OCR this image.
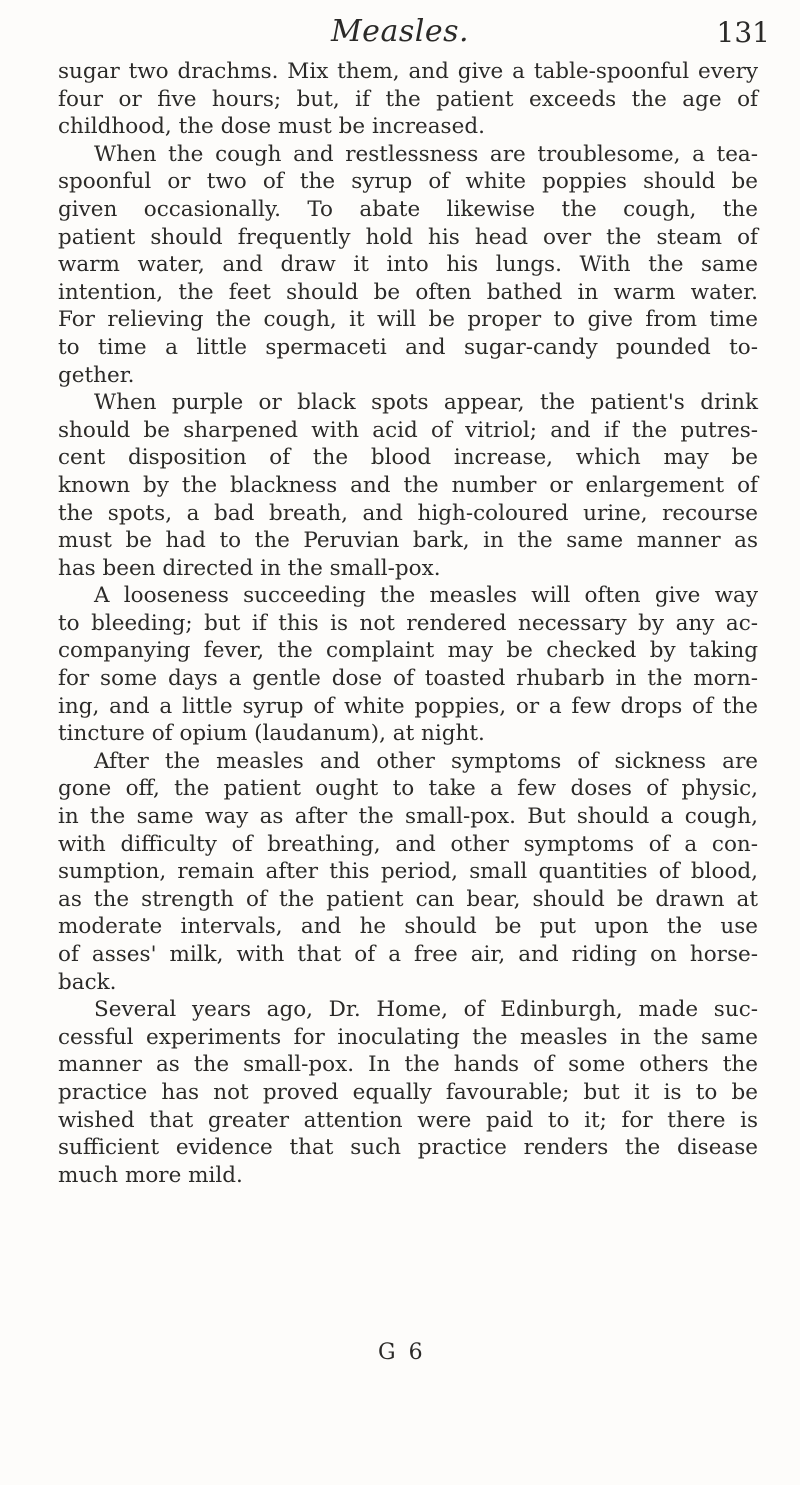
Measles.	131
sugar two drachms. Mix them, and give a table-spoonful every
four or five hours; but, if the patient exceeds the age of
childhood, the dose must be increased.
When the cough and restlessness are troublesome, a tea-
spoonful or two of the syrup of white poppies should be
given occasionally. To abate likewise the cough, the
patient should frequently hold his head over the steam of
warm water, and draw it into his lungs. With the same
intention, the feet should be often bathed in warm water.
For relieving the cough, it will be proper to give from time
to time a little spermaceti and sugar-candy pounded to-
gether.
When purple or black spots appear, the patient's drink
should be sharpened with acid of vitriol; and if the putres-
cent disposition of the blood increase, which may be
known by the blackness and the number or enlargement of
the spots, a bad breath, and high-coloured urine, recourse
must be had to the Peruvian bark, in the same manner as
has been directed in the small-pox.
A looseness succeeding the measles will often give way
to bleeding; but if this is not rendered necessary by any ac-
companying fever, the complaint may be checked by taking
for some days a gentle dose of toasted rhubarb in the morn-
ing, and a little syrup of white poppies, or a few drops of the
tincture of opium (laudanum), at night.
After the measles and other symptoms of sickness are
gone off, the patient ought to take a few doses of physic,
in the same way as after the small-pox. But should a cough,
with difficulty of breathing, and other symptoms of a con-
sumption, remain after this period, small quantities of blood,
as the strength of the patient can bear, should be drawn at
moderate intervals, and he should be put upon the use
of asses' milk, with that of a free air, and riding on horse-
back.
Several years ago, Dr. Home, of Edinburgh, made suc-
cessful experiments for inoculating the measles in the same
manner as the small-pox. In the hands of some others the
practice has not proved equally favourable; but it is to be
wished that greater attention were paid to it; for there is
sufficient evidence that such practice renders the disease
much more mild.
G 6
